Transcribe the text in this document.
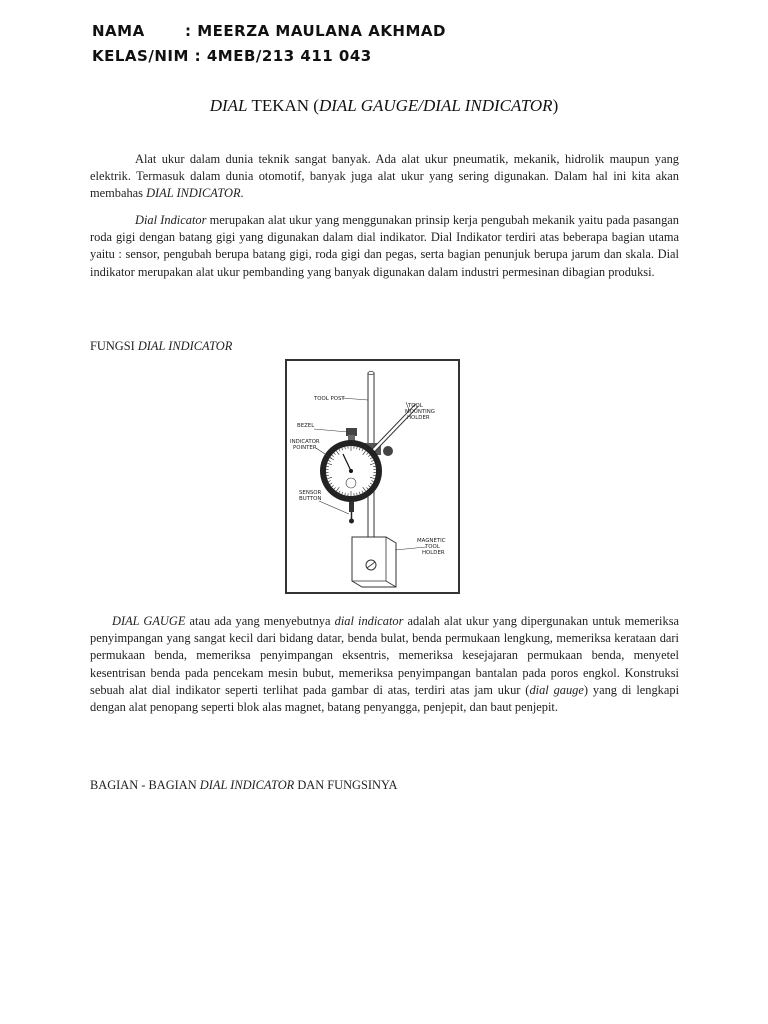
NAMA	: MEERZA MAULANA AKHMAD
KELAS/NIM : 4MEB/213 411 043
DIAL TEKAN (DIAL GAUGE/DIAL INDICATOR)

Alat ukur dalam dunia teknik sangat banyak. Ada alat ukur pneumatik, mekanik, hidrolik maupun yang elektrik. Termasuk dalam dunia otomotif, banyak juga alat ukur yang sering digunakan. Dalam hal ini kita akan membahas DIAL INDICATOR.

Dial Indicator merupakan alat ukur yang menggunakan prinsip kerja pengubah mekanik yaitu pada pasangan roda gigi dengan batang gigi yang digunakan dalam dial indikator. Dial Indikator terdiri atas beberapa bagian utama yaitu : sensor, pengubah berupa batang gigi, roda gigi dan pegas, serta bagian penunjuk berupa jarum dan skala. Dial indikator merupakan alat ukur pembanding yang banyak digunakan dalam industri permesinan dibagian produksi.

FUNGSI DIAL INDICATOR
TOOL POST
TOOL
MOUNTING
HOLDER
BEZEL
INDICATOR
POINTER
SENSOR
BUTTON
MAGNETIC
TOOL
HOLDER

DIAL GAUGE atau ada yang menyebutnya dial indicator adalah alat ukur yang dipergunakan untuk memeriksa penyimpangan yang sangat kecil dari bidang datar, benda bulat, benda permukaan lengkung, memeriksa kerataan dari permukaan benda, memeriksa penyimpangan eksentris, memeriksa kesejajaran permukaan benda, menyetel kesentrisan benda pada pencekam mesin bubut, memeriksa penyimpangan bantalan pada poros engkol. Konstruksi sebuah alat dial indikator seperti terlihat pada gambar di atas, terdiri atas jam ukur (dial gauge) yang di lengkapi dengan alat penopang seperti blok alas magnet, batang penyangga, penjepit, dan baut penjepit.

BAGIAN - BAGIAN DIAL INDICATOR DAN FUNGSINYA
